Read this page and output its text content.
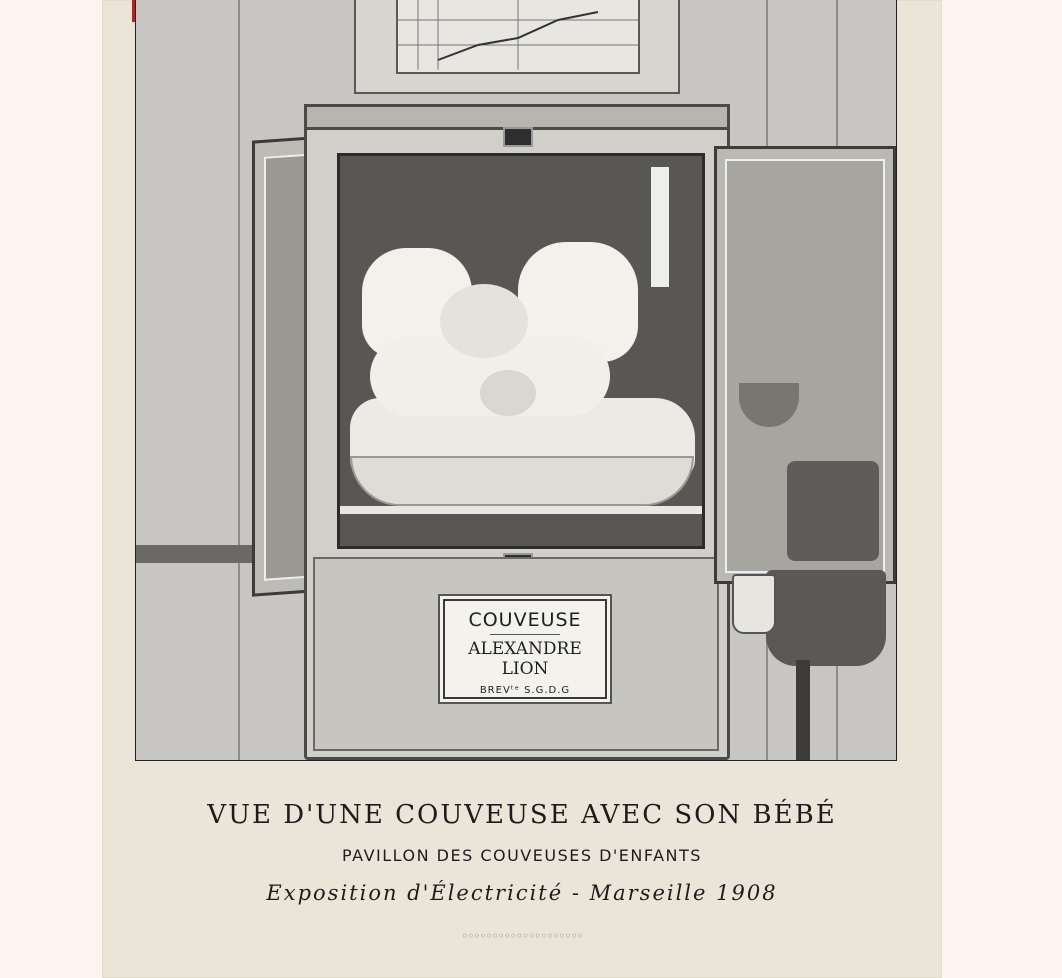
COUVEUSE
ALEXANDRE LION
BREVᵗᵉ S.G.D.G
VUE D'UNE COUVEUSE AVEC SON BÉBÉ
PAVILLON DES COUVEUSES D'ENFANTS
Exposition d'Électricité - Marseille 1908
◦◦◦◦◦◦◦◦◦◦◦◦◦◦◦◦◦◦◦◦
